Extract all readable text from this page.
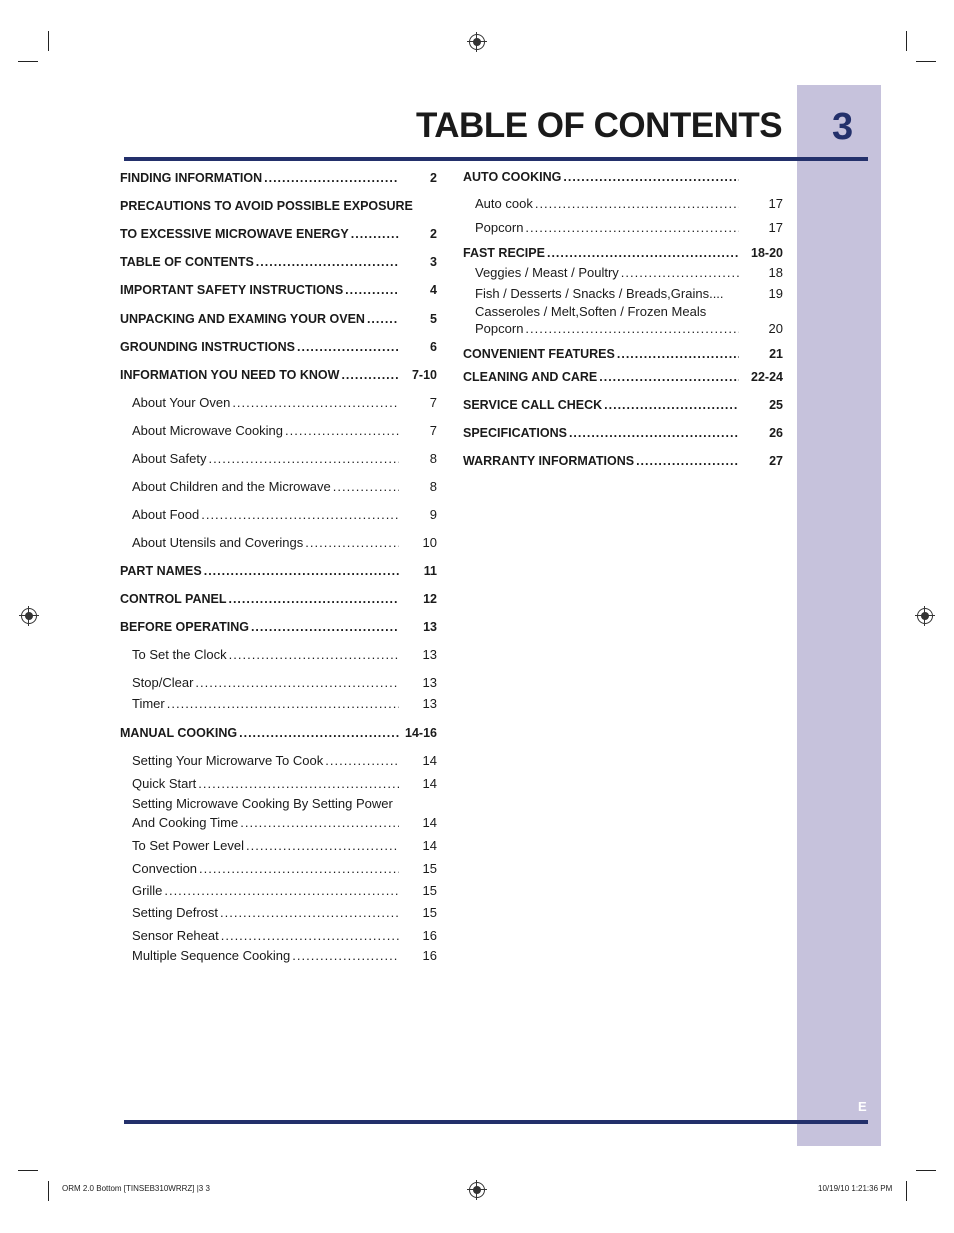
3
E
TABLE OF CONTENTS
FINDING INFORMATION .....	2
PRECAUTIONS TO AVOID POSSIBLE EXPOSURE
TO EXCESSIVE MICROWAVE ENERGY .....	2
TABLE OF CONTENTS .....	3
IMPORTANT SAFETY INSTRUCTIONS .....	4
UNPACKING AND EXAMING YOUR OVEN .....	5
GROUNDING INSTRUCTIONS .....	6
INFORMATION YOU NEED TO KNOW .....	7-10
About Your Oven .....	7
About Microwave Cooking .....	7
About Safety .....	8
About Children and the Microwave .....	8
About Food .....	9
About Utensils and Coverings .....	10
PART NAMES .....	11
CONTROL PANEL .....	12
BEFORE OPERATING .....	13
To Set the Clock .....	13
Stop/Clear .....	13
Timer .....	13
MANUAL COOKING .....	14-16
Setting Your Microwarve To Cook .....	14
Quick Start .....	14
Setting Microwave Cooking By Setting Power
And Cooking Time .....	14
To Set Power Level .....	14
Convection .....	15
Grille .....	15
Setting Defrost .....	15
Sensor Reheat .....	16
Multiple Sequence Cooking .....	16
AUTO COOKING
.....
Auto cook .....	17
Popcorn .....	17
FAST RECIPE .....	18-20
Veggies / Meast / Poultry .....	18
Fish / Desserts / Snacks / Breads,Grains....	19
Casseroles / Melt,Soften / Frozen Meals
Popcorn .....	20
CONVENIENT FEATURES .....	21
CLEANING AND CARE .....	22-24
SERVICE CALL CHECK .....	25
SPECIFICATIONS .....	26
WARRANTY INFORMATIONS .....	27
ORM 2.0 Bottom [TINSEB310WRRZ] |3 3	10/19/10 1:21:36 PM
